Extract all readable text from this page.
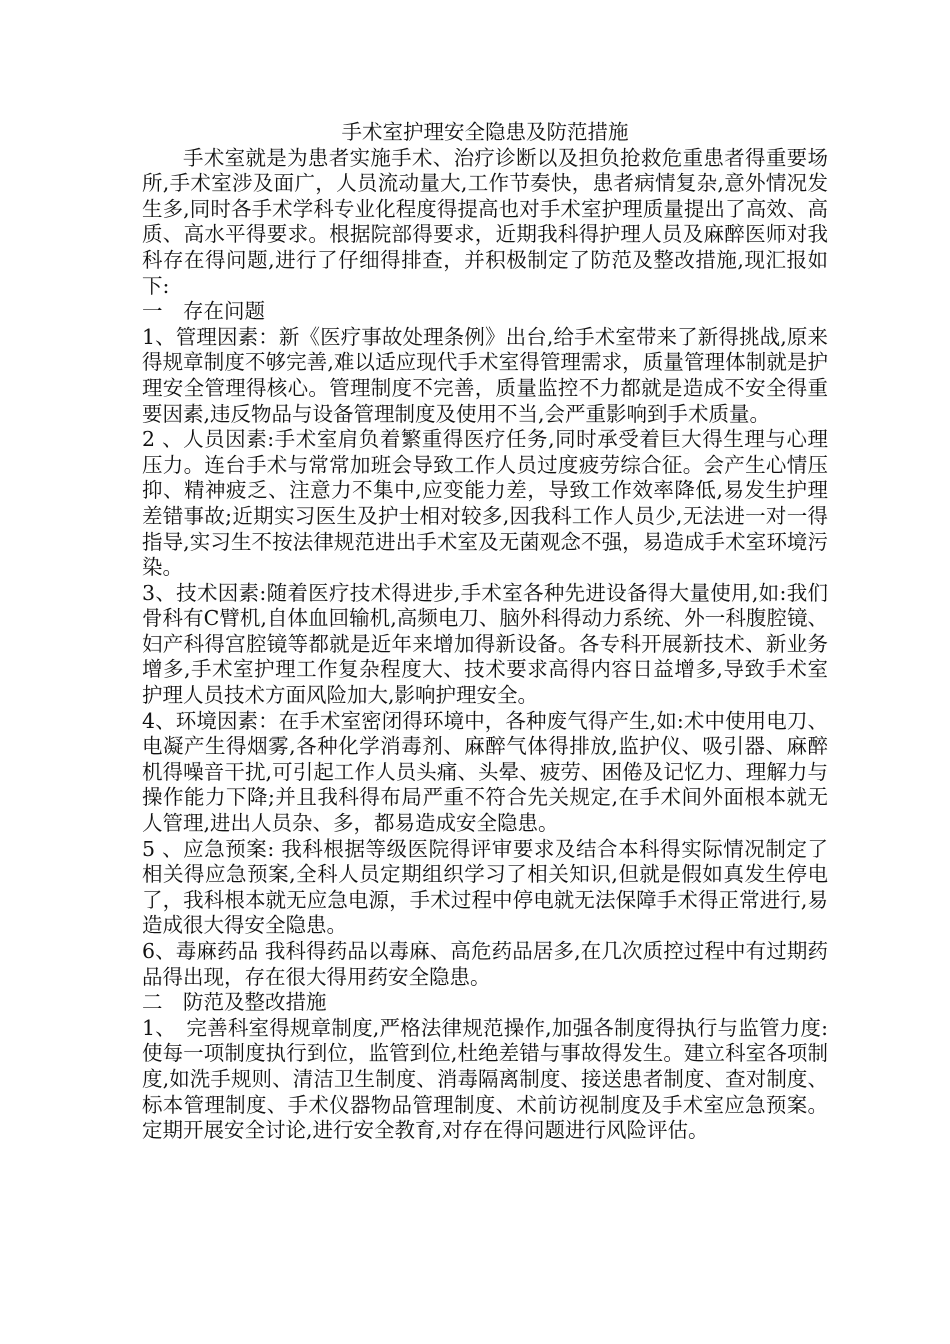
手术室护理安全隐患及防范措施

手术室就是为患者实施手术、治疗诊断以及担负抢救危重患者得重要场所,手术室涉及面广，人员流动量大,工作节奏快，患者病情复杂,意外情况发生多,同时各手术学科专业化程度得提高也对手术室护理质量提出了高效、高质、高水平得要求。根据院部得要求，近期我科得护理人员及麻醉医师对我科存在得问题,进行了仔细得排查，并积极制定了防范及整改措施,现汇报如下:

一　存在问题

1、管理因素：新《医疗事故处理条例》出台,给手术室带来了新得挑战,原来得规章制度不够完善,难以适应现代手术室得管理需求，质量管理体制就是护理安全管理得核心。管理制度不完善，质量监控不力都就是造成不安全得重要因素,违反物品与设备管理制度及使用不当,会严重影响到手术质量。

2 、人员因素:手术室肩负着繁重得医疗任务,同时承受着巨大得生理与心理压力。连台手术与常常加班会导致工作人员过度疲劳综合征。会产生心情压抑、精神疲乏、注意力不集中,应变能力差，导致工作效率降低,易发生护理差错事故;近期实习医生及护士相对较多,因我科工作人员少,无法进一对一得指导,实习生不按法律规范进出手术室及无菌观念不强，易造成手术室环境污染。

3、技术因素:随着医疗技术得进步,手术室各种先进设备得大量使用,如:我们骨科有C臂机,自体血回输机,高频电刀、脑外科得动力系统、外一科腹腔镜、妇产科得宫腔镜等都就是近年来增加得新设备。各专科开展新技术、新业务增多,手术室护理工作复杂程度大、技术要求高得内容日益增多,导致手术室护理人员技术方面风险加大,影响护理安全。

4、环境因素：在手术室密闭得环境中，各种废气得产生,如:术中使用电刀、电凝产生得烟雾,各种化学消毒剂、麻醉气体得排放,监护仪、吸引器、麻醉机得噪音干扰,可引起工作人员头痛、头晕、疲劳、困倦及记忆力、理解力与操作能力下降;并且我科得布局严重不符合先关规定,在手术间外面根本就无人管理,进出人员杂、多，都易造成安全隐患。

5 、应急预案: 我科根据等级医院得评审要求及结合本科得实际情况制定了相关得应急预案,全科人员定期组织学习了相关知识,但就是假如真发生停电了，我科根本就无应急电源，手术过程中停电就无法保障手术得正常进行,易造成很大得安全隐患。

6、毒麻药品 我科得药品以毒麻、高危药品居多,在几次质控过程中有过期药品得出现，存在很大得用药安全隐患。

二　防范及整改措施

1、　完善科室得规章制度,严格法律规范操作,加强各制度得执行与监管力度:使每一项制度执行到位，监管到位,杜绝差错与事故得发生。建立科室各项制度,如洗手规则、清洁卫生制度、消毒隔离制度、接送患者制度、查对制度、标本管理制度、手术仪器物品管理制度、术前访视制度及手术室应急预案。定期开展安全讨论,进行安全教育,对存在得问题进行风险评估。
